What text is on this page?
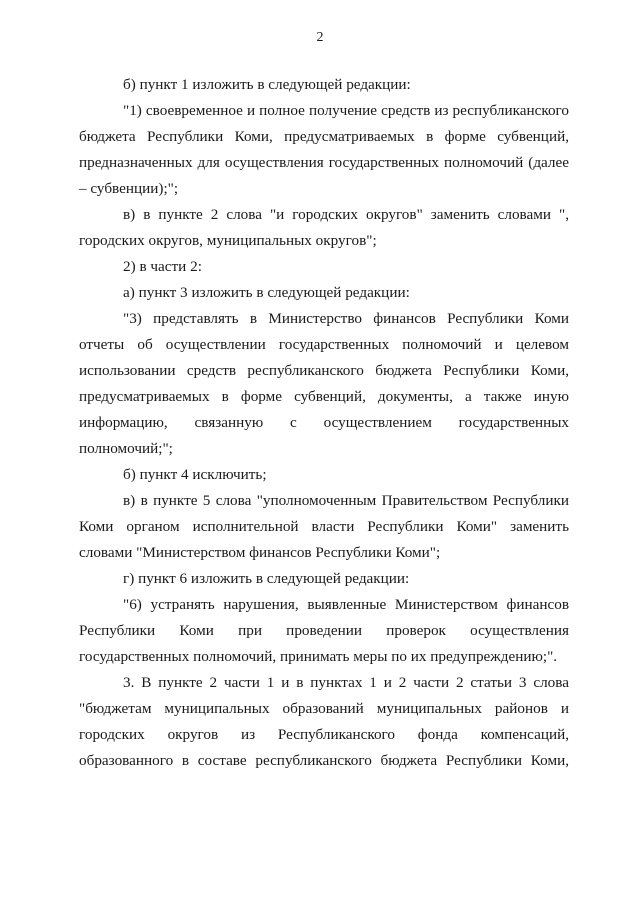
2

б) пункт 1 изложить в следующей редакции:

"1) своевременное и полное получение средств из республиканского бюджета Республики Коми, предусматриваемых в форме субвенций, предназначенных для осуществления государственных полномочий (далее – субвенции);";

в) в пункте 2 слова "и городских округов" заменить словами ", городских округов, муниципальных округов";

2) в части 2:

а) пункт 3 изложить в следующей редакции:

"3) представлять в Министерство финансов Республики Коми отчеты об осуществлении государственных полномочий и целевом использовании средств республиканского бюджета Республики Коми, предусматриваемых в форме субвенций, документы, а также иную информацию, связанную с осуществлением государственных полномочий;";

б) пункт 4 исключить;

в) в пункте 5 слова "уполномоченным Правительством Республики Коми органом исполнительной власти Республики Коми" заменить словами "Министерством финансов Республики Коми";

г) пункт 6 изложить в следующей редакции:

"6) устранять нарушения, выявленные Министерством финансов Республики Коми при проведении проверок осуществления государственных полномочий, принимать меры по их предупреждению;".

3. В пункте 2 части 1 и в пунктах 1 и 2 части 2 статьи 3 слова "бюджетам муниципальных образований муниципальных районов и городских округов из Республиканского фонда компенсаций, образованного в составе республиканского бюджета Республики Коми,
